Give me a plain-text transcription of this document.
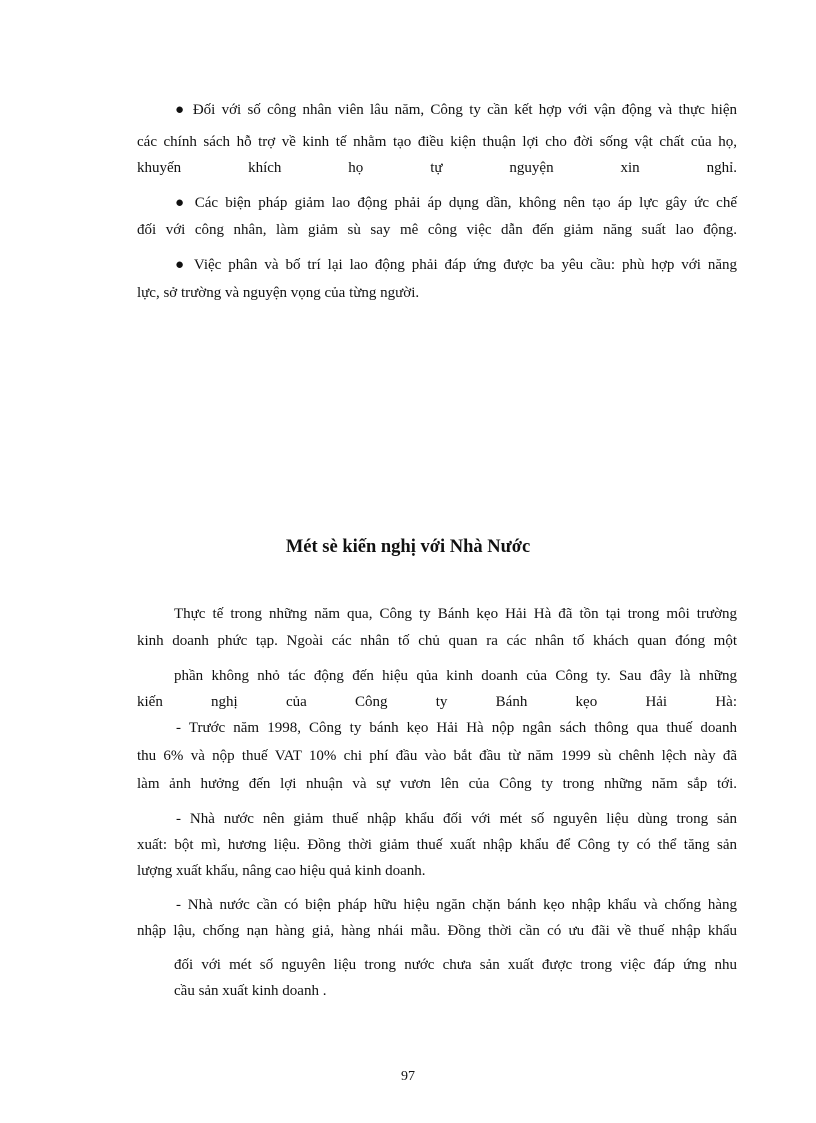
● Đối với số công nhân viên lâu năm, Công ty cần kết hợp với vận động và thực hiện
các chính sách hỗ trợ về kinh tế nhằm tạo điều kiện thuận lợi cho đời sống vật chất của họ,
khuyến khích họ tự nguyện xin nghỉ.
● Các biện pháp giảm lao động phải áp dụng dần, không nên tạo áp lực gây ức chế
đối với công nhân, làm giảm sù say mê công việc dẫn đến giảm năng suất lao động.
● Việc phân và bố trí lại lao động phải đáp ứng được ba yêu cầu: phù hợp với năng
lực, sở trường và nguyện vọng của từng người.
Mét sè kiến nghị với Nhà Nước
Thực tế trong những năm qua, Công ty Bánh kẹo Hải Hà đã tồn tại trong môi trường
kinh doanh phức tạp. Ngoài các nhân tố chủ quan ra các nhân tố khách quan đóng một
phần không nhỏ tác động đến hiệu qủa kinh doanh của Công ty. Sau đây là những
kiến nghị của Công ty Bánh kẹo Hải Hà:
- Trước năm 1998, Công ty bánh kẹo Hải Hà nộp ngân sách thông qua thuế doanh
thu 6% và nộp thuế VAT 10% chi phí đầu vào bắt đầu từ năm 1999 sù chênh lệch này đã
làm ảnh hưởng đến lợi nhuận và sự vươn lên của Công ty trong những năm sắp tới.
- Nhà nước nên giảm thuế nhập khẩu đối với mét số nguyên liệu dùng trong sản
xuất: bột mì, hương liệu. Đồng thời giảm thuế xuất nhập khẩu để Công ty có thể tăng sản
lượng xuất khẩu, nâng cao hiệu quả kinh doanh.
- Nhà nước cần có biện pháp hữu hiệu ngăn chặn bánh kẹo nhập khẩu và chống hàng
nhập lậu, chống nạn hàng giả, hàng nhái mẫu. Đồng thời cần có ưu đãi về thuế nhập khẩu
đối với mét số nguyên liệu trong nước chưa sản xuất được trong việc đáp ứng nhu
cầu sản xuất kinh doanh .
97
